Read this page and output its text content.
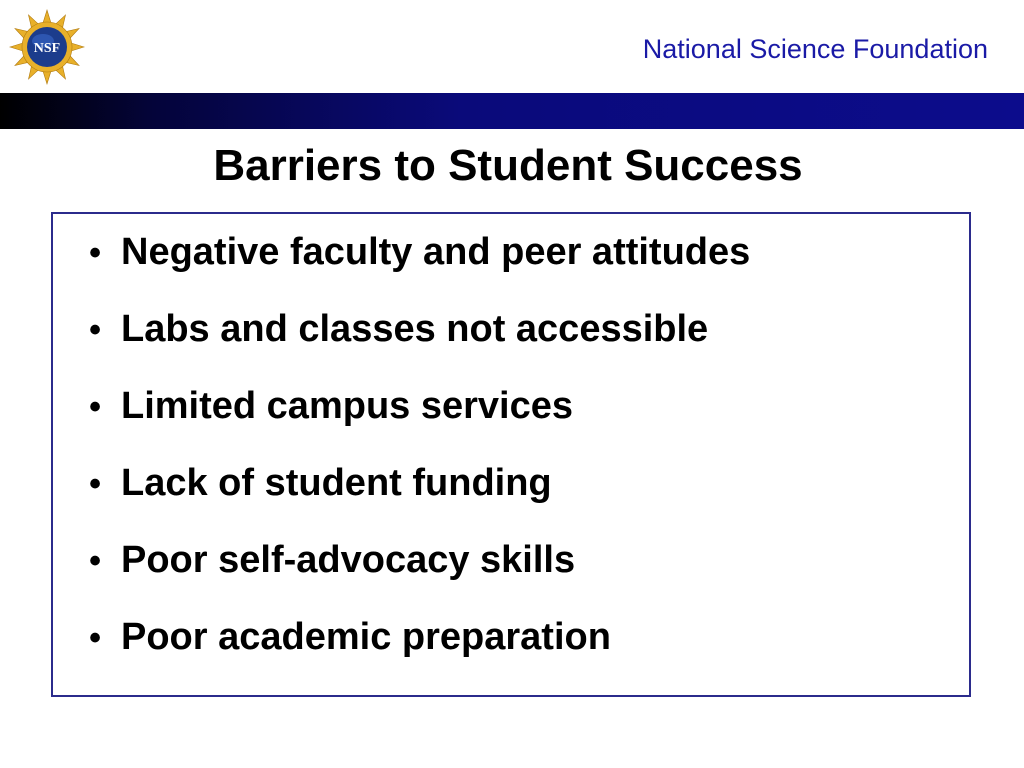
NSF	National Science Foundation
Barriers to Student Success
• Negative faculty and peer attitudes
• Labs and classes not accessible
• Limited campus services
• Lack of student funding
• Poor self-advocacy skills
• Poor academic preparation
